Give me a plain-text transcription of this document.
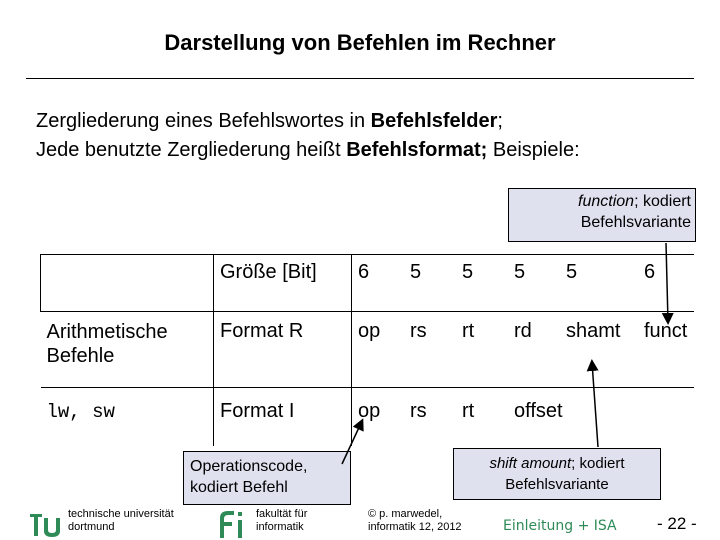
Darstellung von Befehlen im Rechner
Zergliederung eines Befehlswortes in Befehlsfelder;
Jede benutzte Zergliederung heißt Befehlsformat; Beispiele:
function; kodiert
Befehlsvariante
	Größe [Bit]	6	5	5	5	5	6
Arithmetische Befehle	Format R	op	rs	rt	rd	shamt	funct
lw, sw	Format I	op	rs	rt	offset		
shift amount; kodiert
Befehlsvariante
Operationscode,
kodiert Befehl
technische universität
dortmund
fakultät für
informatik
© p. marwedel,
informatik 12, 2012	Einleitung + ISA - 22 -
